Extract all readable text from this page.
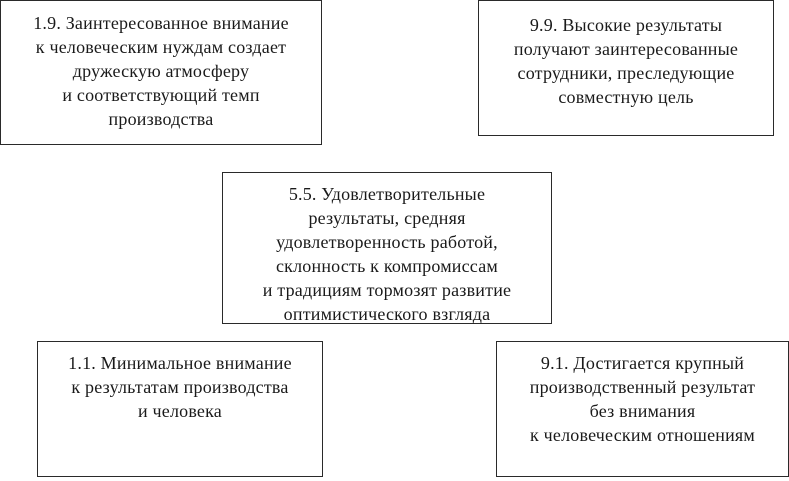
1.9. Заинтересованное внимание
к человеческим нуждам создает
дружескую атмосферу
и соответствующий темп
производства
9.9. Высокие результаты
получают заинтересованные
сотрудники, преследующие
совместную цель
5.5. Удовлетворительные
результаты, средняя
удовлетворенность работой,
склонность к компромиссам
и традициям тормозят развитие
оптимистического взгляда
1.1. Минимальное внимание
к результатам производства
и человека
9.1. Достигается крупный
производственный результат
без внимания
к человеческим отношениям
